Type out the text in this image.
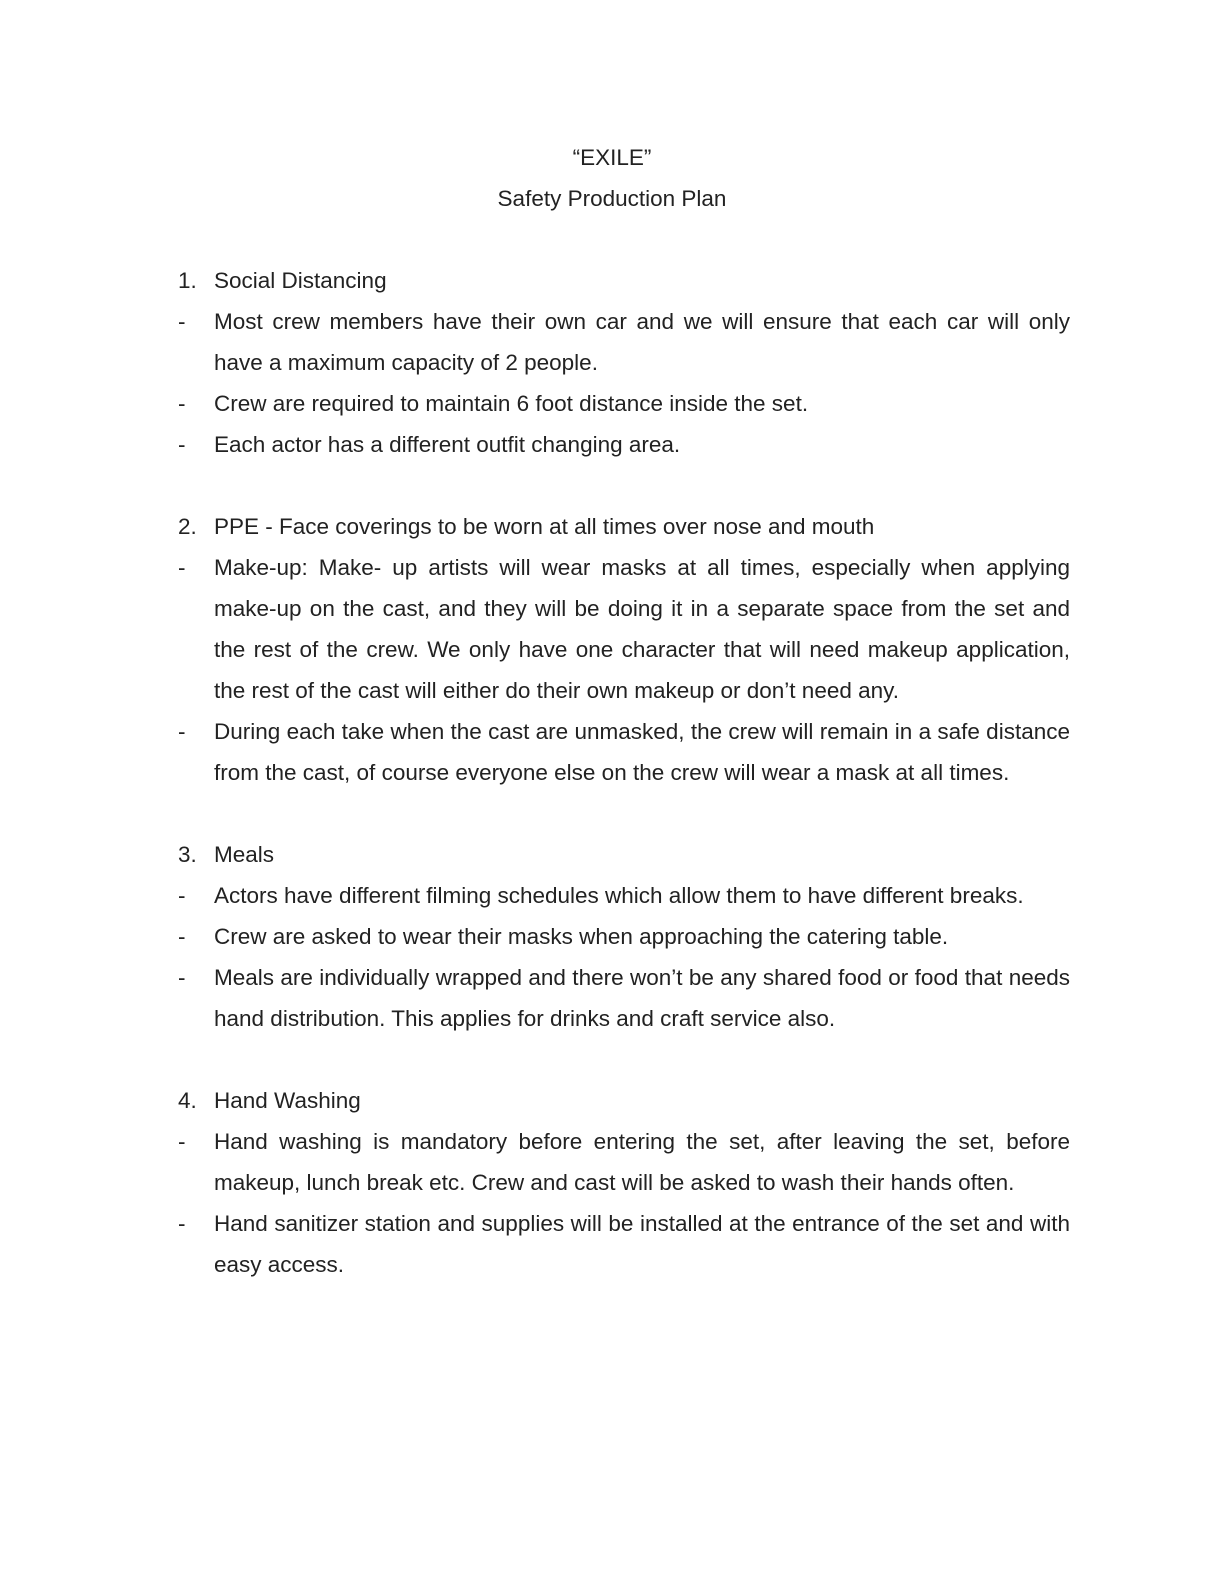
“EXILE”
Safety Production Plan

1. Social Distancing

-	Most crew members have their own car and we will ensure that each car will only have a maximum capacity of 2 people.

-	Crew are required to maintain 6 foot distance inside the set.

-	Each actor has a different outfit changing area.

2. PPE - Face coverings to be worn at all times over nose and mouth

-	Make-up: Make- up artists will wear masks at all times, especially when applying make-up on the cast, and they will be doing it in a separate space from the set and the rest of the crew. We only have one character that will need makeup application, the rest of the cast will either do their own makeup or don’t need any.

-	During each take when the cast are unmasked, the crew will remain in a safe distance from the cast, of course everyone else on the crew will wear a mask at all times.

3. Meals

-	Actors have different filming schedules which allow them to have different breaks.

-	Crew are asked to wear their masks when approaching the catering table.

-	Meals are individually wrapped and there won’t be any shared food or food that needs hand distribution. This applies for drinks and craft service also.

4. Hand Washing

-	Hand washing is mandatory before entering the set, after leaving the set, before makeup, lunch break etc. Crew and cast will be asked to wash their hands often.

-	Hand sanitizer station and supplies will be installed at the entrance of the set and with easy access.
